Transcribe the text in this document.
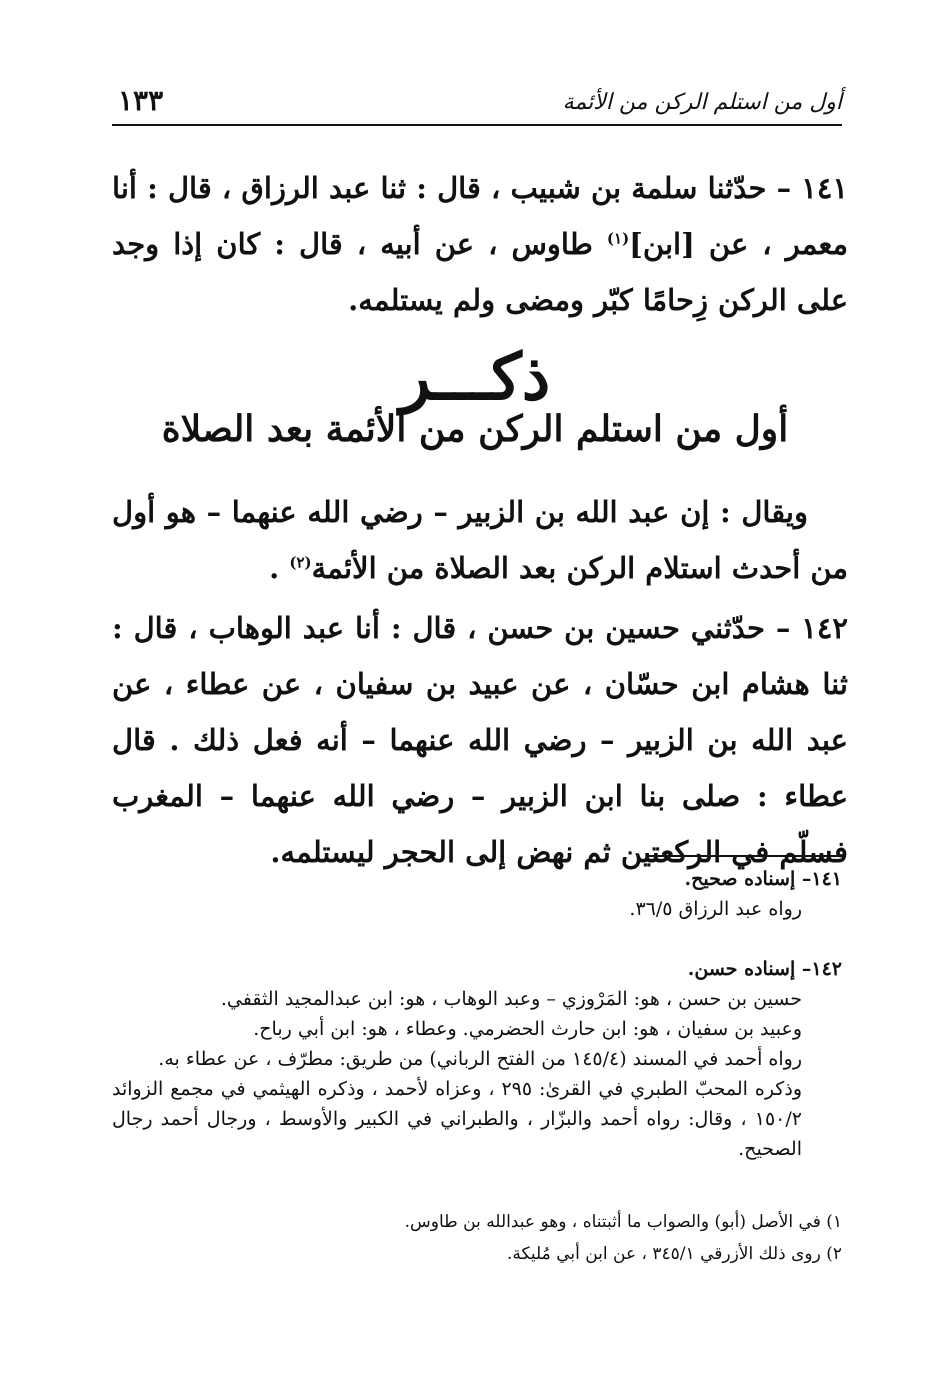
أول من استلم الركن من الأئمة
١٣٣
١٤١ – حدّثنا سلمة بن شبيب ، قال : ثنا عبد الرزاق ، قال : أنا معمر ، عن [ابن]$^{(١)}$ طاوس ، عن أبيه ، قال : كان إذا وجد على الركن زِحامًا كبّر ومضى ولم يستلمه.
ذكـــر
أول من استلم الركن من الأئمة بعد الصلاة
ويقال : إن عبد الله بن الزبير – رضي الله عنهما – هو أول من أحدث استلام الركن بعد الصلاة من الأئمة$^{(٢)}$ .
١٤٢ – حدّثني حسين بن حسن ، قال : أنا عبد الوهاب ، قال : ثنا هشام ابن حسّان ، عن عبيد بن سفيان ، عن عطاء ، عن عبد الله بن الزبير – رضي الله عنهما – أنه فعل ذلك . قال عطاء : صلى بنا ابن الزبير – رضي الله عنهما – المغرب فسلّم في الركعتين ثم نهض إلى الحجر ليستلمه.
١٤١– إسناده صحيح.
رواه عبد الرزاق ٣٦/٥.
١٤٢– إسناده حسن.
حسين بن حسن ، هو: المَرْوزي – وعبد الوهاب ، هو: ابن عبدالمجيد الثقفي.
وعبيد بن سفيان ، هو: ابن حارث الحضرمي. وعطاء ، هو: ابن أبي رباح.
رواه أحمد في المسند (١٤٥/٤ من الفتح الرباني) من طريق: مطرّف ، عن عطاء به.
وذكره المحبّ الطبري في القرىٰ: ٢٩٥ ، وعزاه لأحمد ، وذكره الهيثمي في مجمع الزوائد ١٥٠/٢ ، وقال: رواه أحمد والبزّار ، والطبراني في الكبير والأوسط ، ورجال أحمد رجال الصحيح.
١) في الأصل (أبو) والصواب ما أثبتناه ، وهو عبدالله بن طاوس.
٢) روى ذلك الأزرقي ٣٤٥/١ ، عن ابن أبي مُليكة.
